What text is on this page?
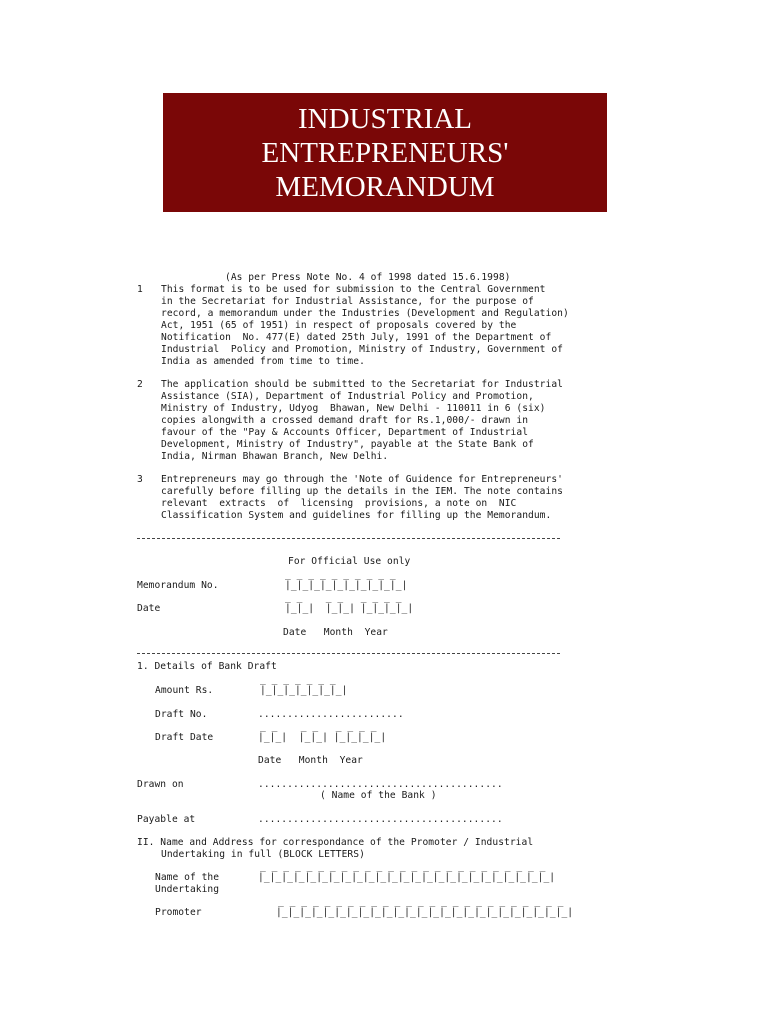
INDUSTRIAL
ENTREPRENEURS'
MEMORANDUM
(As per Press Note No. 4 of 1998 dated 15.6.1998)
1 This format is to be used for submission to the Central Government
in the Secretariat for Industrial Assistance, for the purpose of
record, a memorandum under the Industries (Development and Regulation)
Act, 1951 (65 of 1951) in respect of proposals covered by the
Notification  No. 477(E) dated 25th July, 1991 of the Department of
Industrial  Policy and Promotion, Ministry of Industry, Government of
India as amended from time to time.
2 The application should be submitted to the Secretariat for Industrial
Assistance (SIA), Department of Industrial Policy and Promotion,
Ministry of Industry, Udyog  Bhawan, New Delhi - 110011 in 6 (six)
copies alongwith a crossed demand draft for Rs.1,000/- drawn in
favour of the "Pay & Accounts Officer, Department of Industrial
Development, Ministry of Industry", payable at the State Bank of
India, Nirman Bhawan Branch, New Delhi.
3 Entrepreneurs may go through the 'Note of Guidence for Entrepreneurs'
carefully before filling up the details in the IEM. The note contains
relevant  extracts  of  licensing  provisions, a note on  NIC
Classification System and guidelines for filling up the Memorandum.
For Official Use only
_ _ _ _ _ _ _ _ _ _
Memorandum No.	|_|_|_|_|_|_|_|_|_|_|
_ _    _ _   _ _ _ _
Date	|_|_|  |_|_| |_|_|_|_|
Date   Month  Year
1. Details of Bank Draft
_ _ _ _ _ _ _
Amount Rs.	|_|_|_|_|_|_|_|
Draft No.	.........................
_ _    _ _   _ _ _ _
Draft Date	|_|_|  |_|_| |_|_|_|_|
Date   Month  Year
Drawn on	..........................................
( Name of the Bank )
Payable at	..........................................
II. Name and Address for correspondance of the Promoter / Industrial
Undertaking in full (BLOCK LETTERS)
_ _ _ _ _ _ _ _ _ _ _ _ _ _ _ _ _ _ _ _ _ _ _ _ _
Name of the	|_|_|_|_|_|_|_|_|_|_|_|_|_|_|_|_|_|_|_|_|_|_|_|_|_|
Undertaking
_ _ _ _ _ _ _ _ _ _ _ _ _ _ _ _ _ _ _ _ _ _ _ _ _
Promoter	|_|_|_|_|_|_|_|_|_|_|_|_|_|_|_|_|_|_|_|_|_|_|_|_|_|
